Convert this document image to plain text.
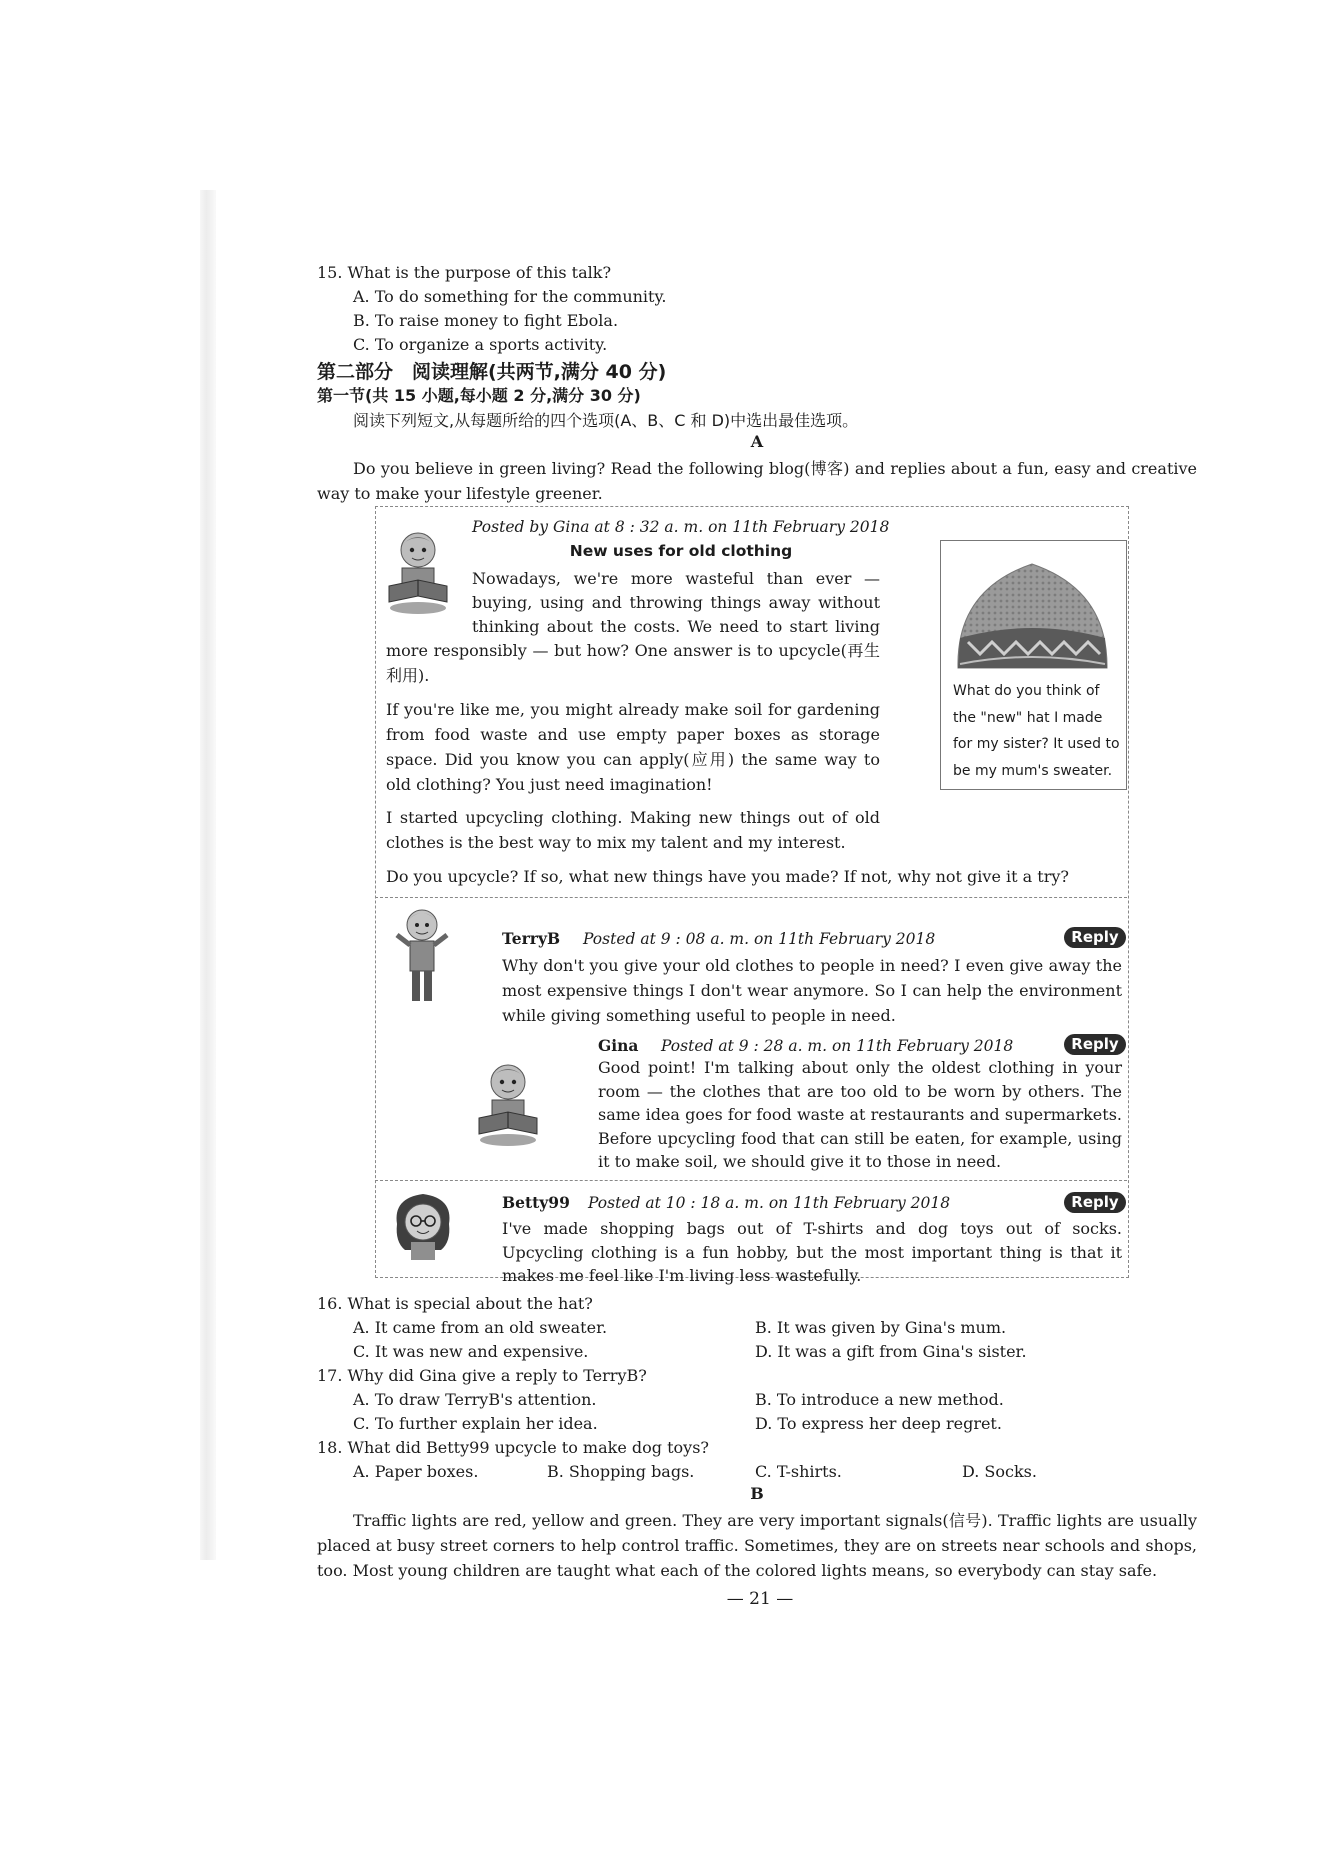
15. What is the purpose of this talk?
A. To do something for the community.
B. To raise money to fight Ebola.
C. To organize a sports activity.
第二部分　阅读理解(共两节,满分 40 分)
第一节(共 15 小题,每小题 2 分,满分 30 分)
阅读下列短文,从每题所给的四个选项(A、B、C 和 D)中选出最佳选项。
A
Do you believe in green living? Read the following blog(博客) and replies about a fun, easy and creative way to make your lifestyle greener.
Posted by Gina at 8 : 32 a. m. on 11th February 2018
New uses for old clothing
Nowadays, we're more wasteful than ever —
buying, using and throwing things away without
thinking about the costs. We need to start living
more responsibly — but how? One answer is to upcycle(再生利用).
If you're like me, you might already make soil for gardening from food waste and use empty paper boxes as storage space. Did you know you can apply(应用) the same way to old clothing? You just need imagination!
I started upcycling clothing. Making new things out of old clothes is the best way to mix my talent and my interest.
Do you upcycle? If so, what new things have you made? If not, why not give it a try?
What do you think of the "new" hat I made for my sister? It used to be my mum's sweater.
TerryB Posted at 9 : 08 a. m. on 11th February 2018	Reply
Why don't you give your old clothes to people in need? I even give away the most expensive things I don't wear anymore. So I can help the environment while giving something useful to people in need.
Gina Posted at 9 : 28 a. m. on 11th February 2018	Reply
Good point! I'm talking about only the oldest clothing in your room — the clothes that are too old to be worn by others. The same idea goes for food waste at restaurants and supermarkets. Before upcycling food that can still be eaten, for example, using it to make soil, we should give it to those in need.
Betty99 Posted at 10 : 18 a. m. on 11th February 2018	Reply
I've made shopping bags out of T-shirts and dog toys out of socks. Upcycling clothing is a fun hobby, but the most important thing is that it makes me feel like I'm living less wastefully.
16. What is special about the hat?
A. It came from an old sweater.	B. It was given by Gina's mum.
C. It was new and expensive.	D. It was a gift from Gina's sister.
17. Why did Gina give a reply to TerryB?
A. To draw TerryB's attention.	B. To introduce a new method.
C. To further explain her idea.	D. To express her deep regret.
18. What did Betty99 upcycle to make dog toys?
A. Paper boxes.	B. Shopping bags.	C. T-shirts.	D. Socks.
B
Traffic lights are red, yellow and green. They are very important signals(信号). Traffic lights are usually placed at busy street corners to help control traffic. Sometimes, they are on streets near schools and shops, too. Most young children are taught what each of the colored lights means, so everybody can stay safe.
— 21 —
